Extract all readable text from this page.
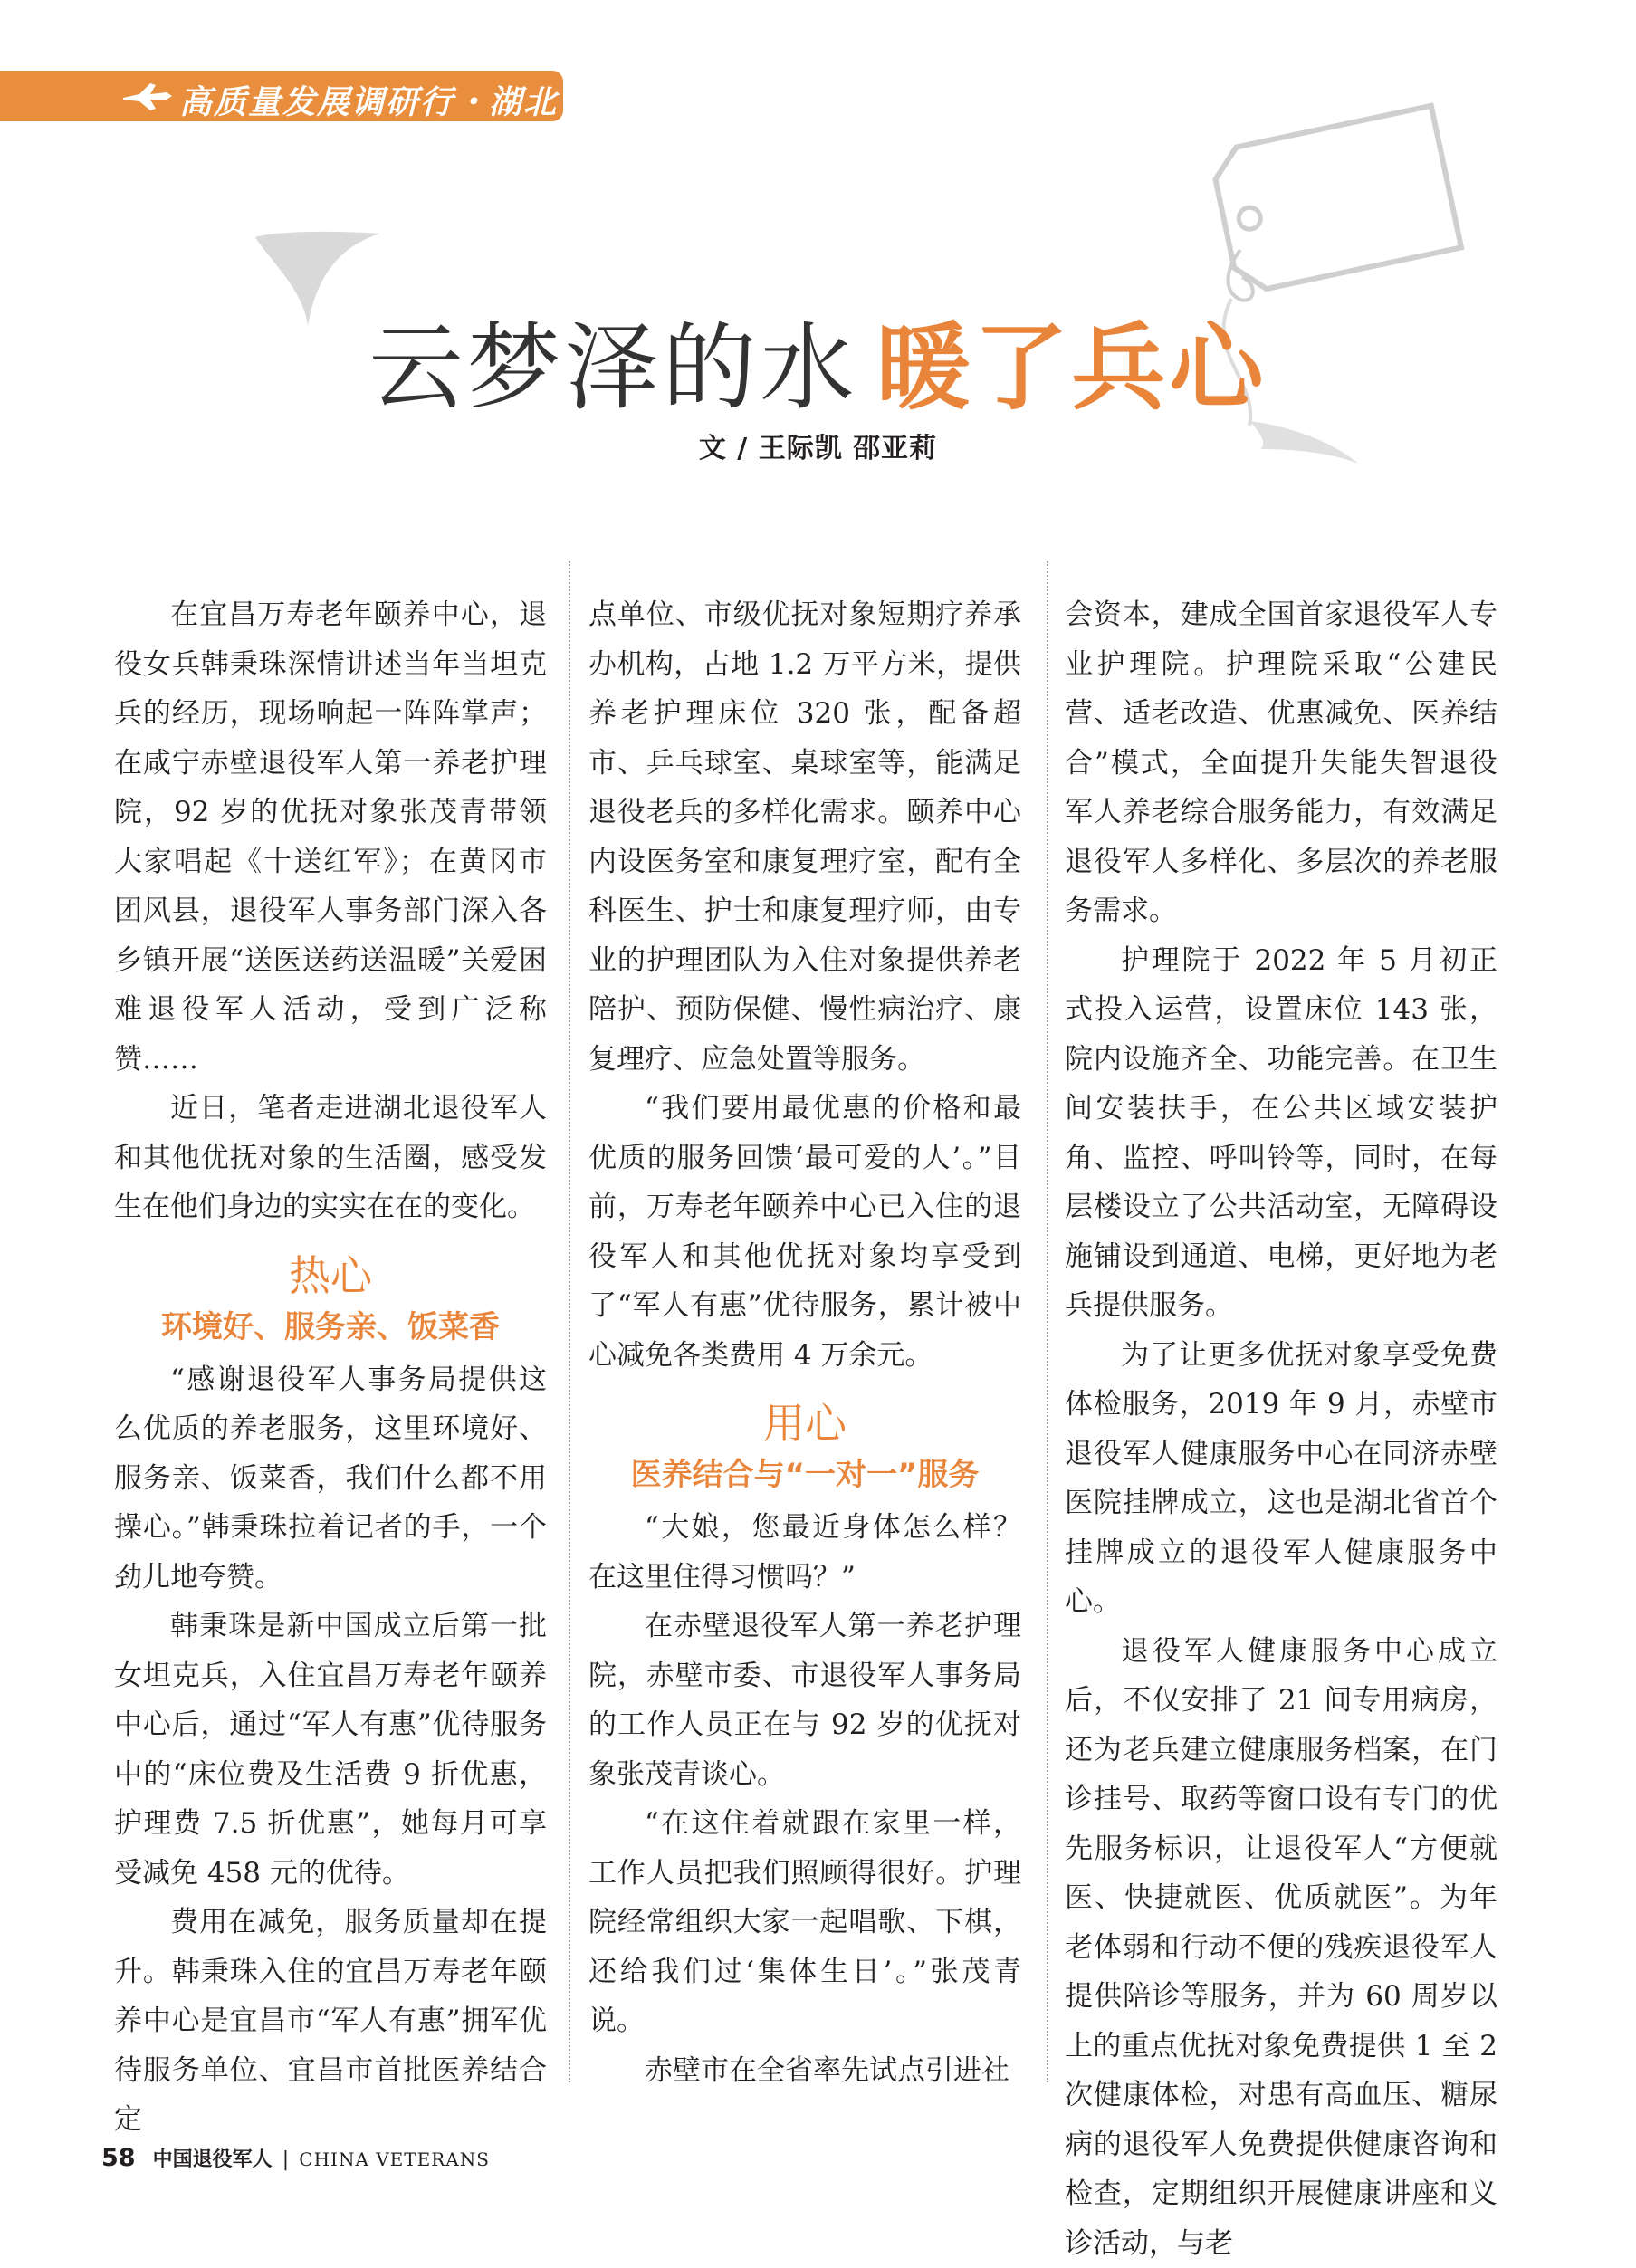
高质量发展调研行・湖北
云梦泽的水 暖了兵心
文 / 王际凯 邵亚莉

在宜昌万寿老年颐养中心，退役女兵韩秉珠深情讲述当年当坦克兵的经历，现场响起一阵阵掌声；在咸宁赤壁退役军人第一养老护理院，92 岁的优抚对象张茂青带领大家唱起《十送红军》；在黄冈市团风县，退役军人事务部门深入各乡镇开展“送医送药送温暖”关爱困难退役军人活动，受到广泛称赞……

近日，笔者走进湖北退役军人和其他优抚对象的生活圈，感受发生在他们身边的实实在在的变化。

热心
环境好、服务亲、饭菜香

“感谢退役军人事务局提供这么优质的养老服务，这里环境好、服务亲、饭菜香，我们什么都不用操心。”韩秉珠拉着记者的手，一个劲儿地夸赞。

韩秉珠是新中国成立后第一批女坦克兵，入住宜昌万寿老年颐养中心后，通过“军人有惠”优待服务中的“床位费及生活费 9 折优惠，护理费 7.5 折优惠”，她每月可享受减免 458 元的优待。

费用在减免，服务质量却在提升。韩秉珠入住的宜昌万寿老年颐养中心是宜昌市“军人有惠”拥军优待服务单位、宜昌市首批医养结合定

点单位、市级优抚对象短期疗养承办机构，占地 1.2 万平方米，提供养老护理床位 320 张，配备超市、乒乓球室、桌球室等，能满足退役老兵的多样化需求。颐养中心内设医务室和康复理疗室，配有全科医生、护士和康复理疗师，由专业的护理团队为入住对象提供养老陪护、预防保健、慢性病治疗、康复理疗、应急处置等服务。

“我们要用最优惠的价格和最优质的服务回馈‘最可爱的人’。”目前，万寿老年颐养中心已入住的退役军人和其他优抚对象均享受到了“军人有惠”优待服务，累计被中心减免各类费用 4 万余元。

用心
医养结合与“一对一”服务

“大娘，您最近身体怎么样？在这里住得习惯吗？”

在赤壁退役军人第一养老护理院，赤壁市委、市退役军人事务局的工作人员正在与 92 岁的优抚对象张茂青谈心。

“在这住着就跟在家里一样，工作人员把我们照顾得很好。护理院经常组织大家一起唱歌、下棋，还给我们过‘集体生日’。”张茂青说。

赤壁市在全省率先试点引进社

会资本，建成全国首家退役军人专业护理院。护理院采取“公建民营、适老改造、优惠减免、医养结合”模式，全面提升失能失智退役军人养老综合服务能力，有效满足退役军人多样化、多层次的养老服务需求。

护理院于 2022 年 5 月初正式投入运营，设置床位 143 张，院内设施齐全、功能完善。在卫生间安装扶手，在公共区域安装护角、监控、呼叫铃等，同时，在每层楼设立了公共活动室，无障碍设施铺设到通道、电梯，更好地为老兵提供服务。

为了让更多优抚对象享受免费体检服务，2019 年 9 月，赤壁市退役军人健康服务中心在同济赤壁医院挂牌成立，这也是湖北省首个挂牌成立的退役军人健康服务中心。

退役军人健康服务中心成立后，不仅安排了 21 间专用病房，还为老兵建立健康服务档案，在门诊挂号、取药等窗口设有专门的优先服务标识，让退役军人“方便就医、快捷就医、优质就医”。为年老体弱和行动不便的残疾退役军人提供陪诊等服务，并为 60 周岁以上的重点优抚对象免费提供 1 至 2 次健康体检，对患有高血压、糖尿病的退役军人免费提供健康咨询和检查，定期组织开展健康讲座和义诊活动，与老

58 中国退役军人 | CHINA VETERANS
